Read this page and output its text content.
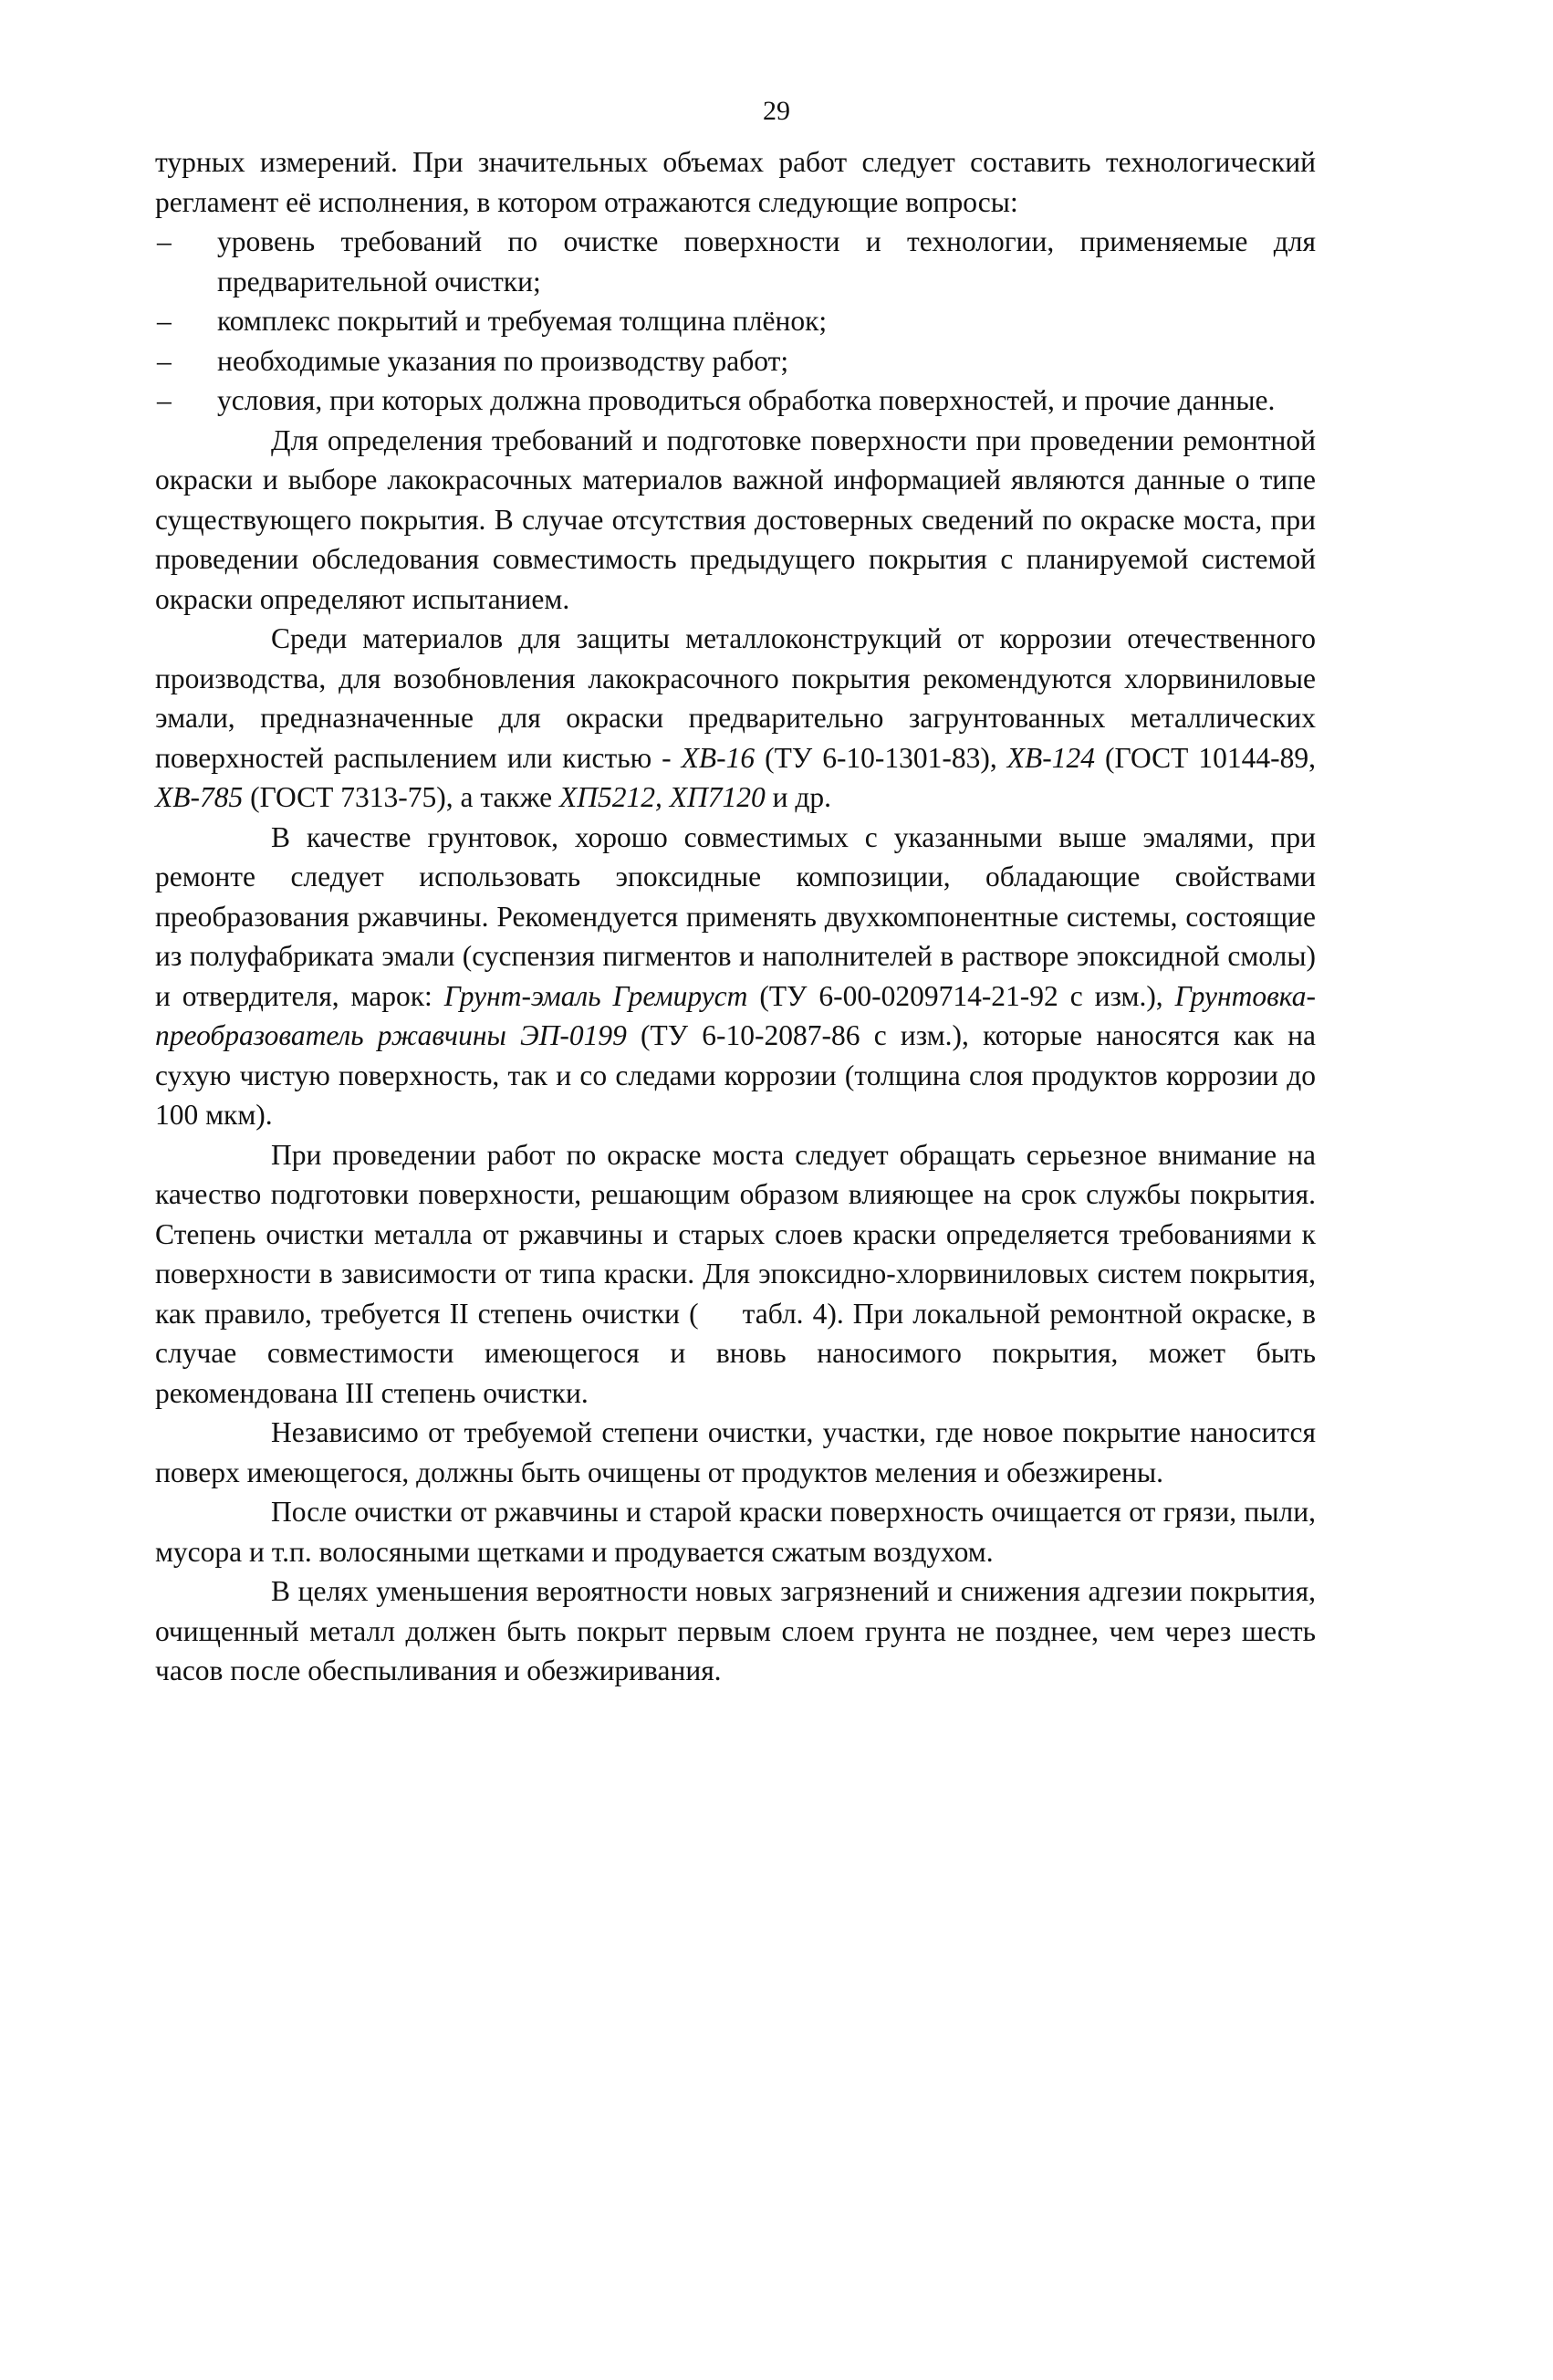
29

турных измерений. При значительных объемах работ следует составить технологический регламент её исполнения, в котором отражаются следующие вопросы:

– уровень требований по очистке поверхности и технологии, применяемые для предварительной очистки;
– комплекс покрытий и требуемая толщина плёнок;
– необходимые указания по производству работ;
– условия, при которых должна проводиться обработка поверхностей, и прочие данные.

Для определения требований и подготовке поверхности при проведении ремонтной окраски и выборе лакокрасочных материалов важной информацией являются данные о типе существующего покрытия. В случае отсутствия достоверных сведений по окраске моста, при проведении обследования совместимость предыдущего покрытия с планируемой системой окраски определяют испытанием.

Среди материалов для защиты металлоконструкций от коррозии отечественного производства, для возобновления лакокрасочного покрытия рекомендуются хлорвиниловые эмали, предназначенные для окраски предварительно загрунтованных металлических поверхностей распылением или кистью - ХВ-16 (ТУ 6-10-1301-83), ХВ-124 (ГОСТ 10144-89, ХВ-785 (ГОСТ 7313-75), а также ХП5212, ХП7120 и др.

В качестве грунтовок, хорошо совместимых с указанными выше эмалями, при ремонте следует использовать эпоксидные композиции, обладающие свойствами преобразования ржавчины. Рекомендуется применять двухкомпонентные системы, состоящие из полуфабриката эмали (суспензия пигментов и наполнителей в растворе эпоксидной смолы) и отвердителя, марок: Грунт-эмаль Гремируст (ТУ 6-00-0209714-21-92 с изм.), Грунтовка-преобразователь ржавчины ЭП-0199 (ТУ 6-10-2087-86 с изм.), которые наносятся как на сухую чистую поверхность, так и со следами коррозии (толщина слоя продуктов коррозии до 100 мкм).

При проведении работ по окраске моста следует обращать серьезное внимание на качество подготовки поверхности, решающим образом влияющее на срок службы покрытия. Степень очистки металла от ржавчины и старых слоев краски определяется требованиями к поверхности в зависимости от типа краски. Для эпоксидно-хлорвиниловых систем покрытия, как правило, требуется II степень очистки ( табл. 4). При локальной ремонтной окраске, в случае совместимости имеющегося и вновь наносимого покрытия, может быть рекомендована III степень очистки.

Независимо от требуемой степени очистки, участки, где новое покрытие наносится поверх имеющегося, должны быть очищены от продуктов меления и обезжирены.

После очистки от ржавчины и старой краски поверхность очищается от грязи, пыли, мусора и т.п. волосяными щетками и продувается сжатым воздухом.

В целях уменьшения вероятности новых загрязнений и снижения адгезии покрытия, очищенный металл должен быть покрыт первым слоем грунта не позднее, чем через шесть часов после обеспыливания и обезжиривания.
